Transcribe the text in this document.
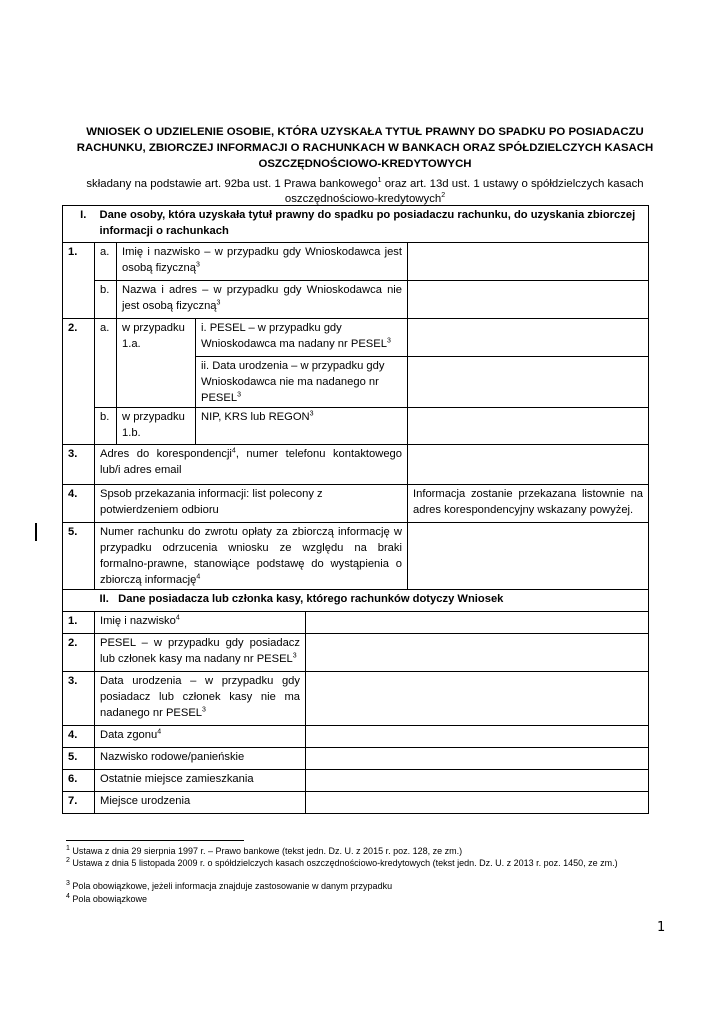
WNIOSEK O UDZIELENIE OSOBIE, KTÓRA UZYSKAŁA TYTUŁ PRAWNY DO SPADKU PO POSIADACZU RACHUNKU, ZBIORCZEJ INFORMACJI O RACHUNKACH W BANKACH ORAZ SPÓŁDZIELCZYCH KASACH OSZCZĘDNOŚCIOWO-KREDYTOWYCH
składany na podstawie art. 92ba ust. 1 Prawa bankowego$^1$ oraz art. 13d ust. 1 ustawy o spółdzielczych kasach oszczędnościowo-kredytowych$^2$
I.	Dane osoby, która uzyskała tytuł prawny do spadku po posiadaczu rachunku, do uzyskania zbiorczej informacji o rachunkach			
1.	a.	Imię i nazwisko – w przypadku gdy Wnioskodawca jest osobą fizyczną$^3$	
	b.	Nazwa i adres – w przypadku gdy Wnioskodawca nie jest osobą fizyczną$^3$	
2.	a.	w przypadku 1.a.	i. PESEL – w przypadku gdy Wnioskodawca ma nadany nr PESEL$^3$	
			ii. Data urodzenia – w przypadku gdy Wnioskodawca nie ma nadanego nr PESEL$^3$	
	b.	w przypadku 1.b.	NIP, KRS lub REGON$^3$	
3.	Adres do korespondencji$^4$, numer telefonu kontaktowego lub/i adres email			
4.	Spsob przekazania informacji: list polecony z potwierdzeniem odbioru			Informacja zostanie przekazana listownie na adres korespondencyjny wskazany powyżej.
5.	Numer rachunku do zwrotu opłaty za zbiorczą informację w przypadku odrzucenia wniosku ze względu na braki formalno-prawne, stanowiące podstawę do wystąpienia o zbiorczą informację$^4$	
	II. Dane posiadacza lub członka kasy, którego rachunków dotyczy Wniosek	
1.	Imię i nazwisko$^4$	
2.	PESEL – w przypadku gdy posiadacz lub członek kasy ma nadany nr PESEL$^3$	
3.	Data urodzenia – w przypadku gdy posiadacz lub członek kasy nie ma nadanego nr PESEL$^3$	
4.	Data zgonu$^4$	
5.	Nazwisko rodowe/panieńskie	
6.	Ostatnie miejsce zamieszkania	
7.	Miejsce urodzenia	
$^1$ Ustawa z dnia 29 sierpnia 1997 r. – Prawo bankowe (tekst jedn. Dz. U. z 2015 r. poz. 128, ze zm.)
$^2$ Ustawa z dnia 5 listopada 2009 r. o spółdzielczych kasach oszczędnościowo-kredytowych (tekst jedn. Dz. U. z 2013 r. poz. 1450, ze zm.)
$^3$ Pola obowiązkowe, jeżeli informacja znajduje zastosowanie w danym przypadku
$^4$ Pola obowiązkowe
1
